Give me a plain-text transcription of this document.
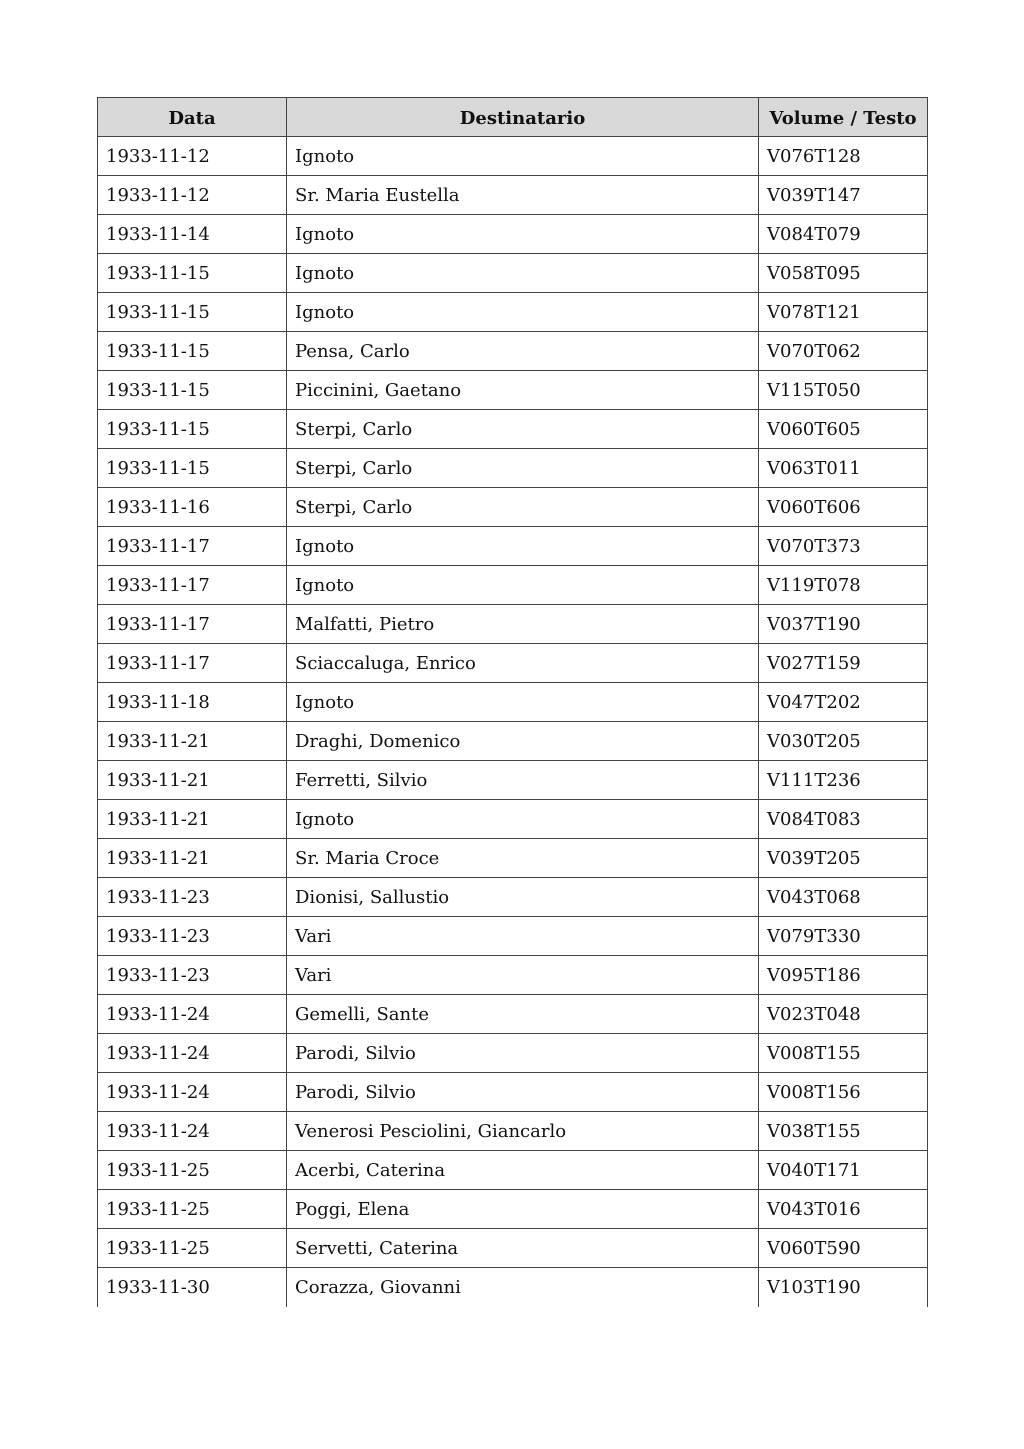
Data	Destinatario	Volume / Testo
1933-11-12	Ignoto	V076T128
1933-11-12	Sr. Maria Eustella	V039T147
1933-11-14	Ignoto	V084T079
1933-11-15	Ignoto	V058T095
1933-11-15	Ignoto	V078T121
1933-11-15	Pensa, Carlo	V070T062
1933-11-15	Piccinini, Gaetano	V115T050
1933-11-15	Sterpi, Carlo	V060T605
1933-11-15	Sterpi, Carlo	V063T011
1933-11-16	Sterpi, Carlo	V060T606
1933-11-17	Ignoto	V070T373
1933-11-17	Ignoto	V119T078
1933-11-17	Malfatti, Pietro	V037T190
1933-11-17	Sciaccaluga, Enrico	V027T159
1933-11-18	Ignoto	V047T202
1933-11-21	Draghi, Domenico	V030T205
1933-11-21	Ferretti, Silvio	V111T236
1933-11-21	Ignoto	V084T083
1933-11-21	Sr. Maria Croce	V039T205
1933-11-23	Dionisi, Sallustio	V043T068
1933-11-23	Vari	V079T330
1933-11-23	Vari	V095T186
1933-11-24	Gemelli, Sante	V023T048
1933-11-24	Parodi, Silvio	V008T155
1933-11-24	Parodi, Silvio	V008T156
1933-11-24	Venerosi Pesciolini, Giancarlo	V038T155
1933-11-25	Acerbi, Caterina	V040T171
1933-11-25	Poggi, Elena	V043T016
1933-11-25	Servetti, Caterina	V060T590
1933-11-30	Corazza, Giovanni	V103T190
